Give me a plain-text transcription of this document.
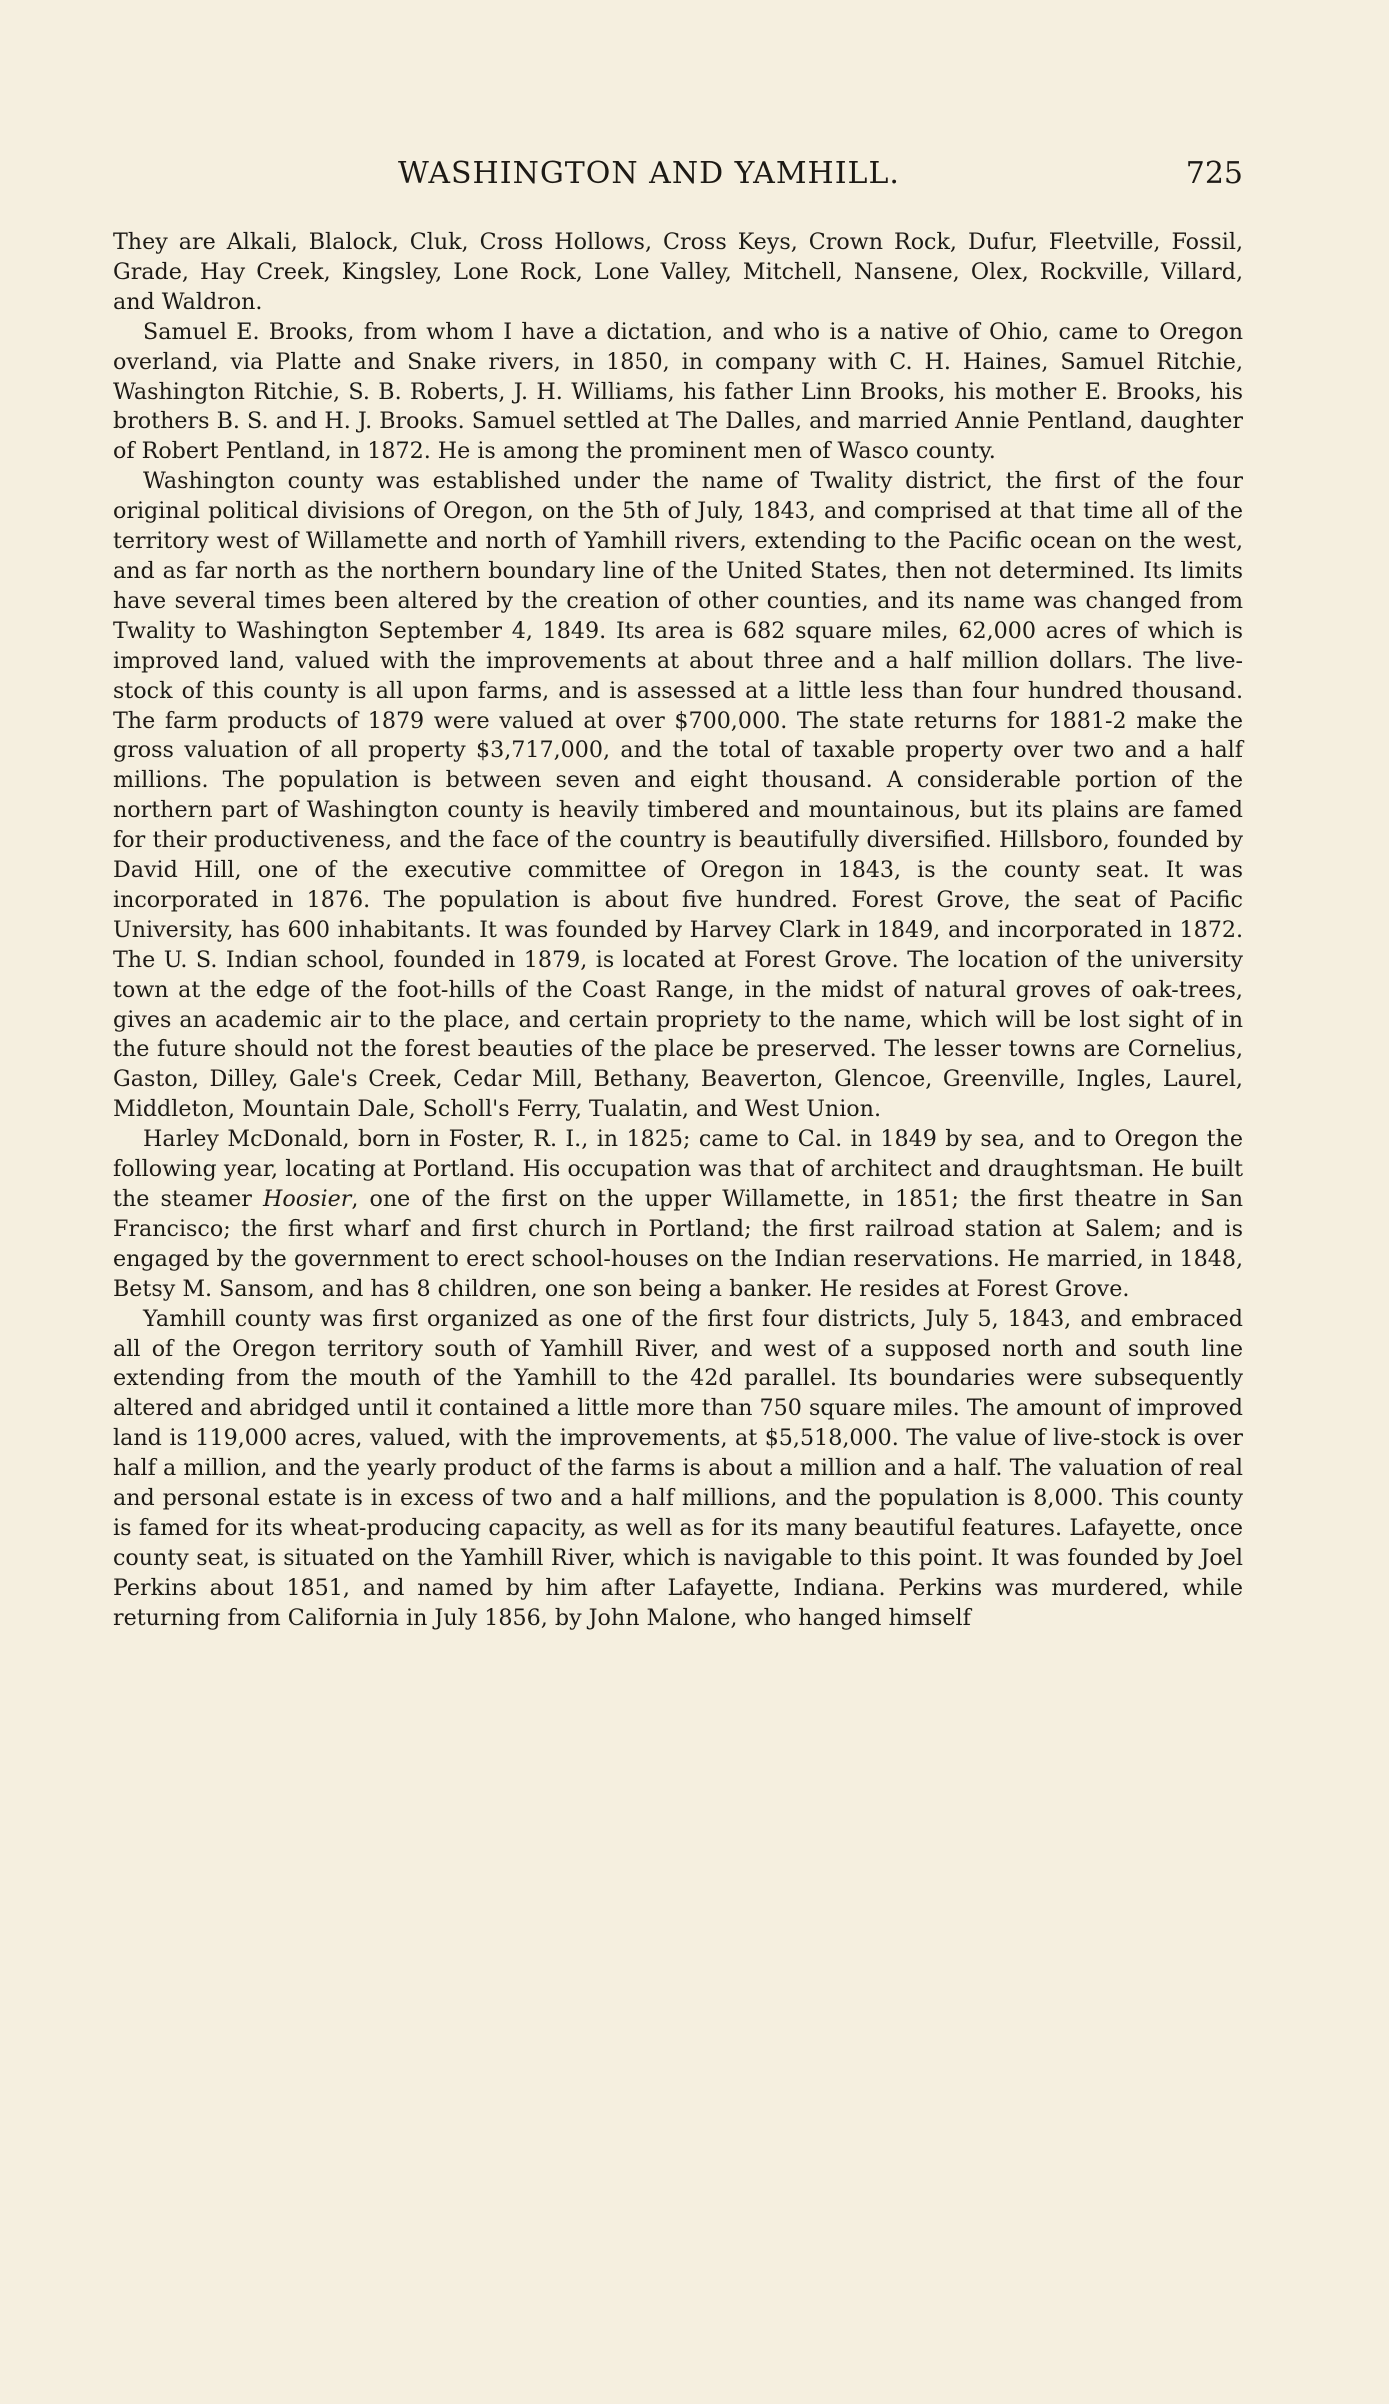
WASHINGTON AND YAMHILL.	725

They are Alkali, Blalock, Cluk, Cross Hollows, Cross Keys, Crown Rock, Dufur, Fleetville, Fossil, Grade, Hay Creek, Kingsley, Lone Rock, Lone Valley, Mitchell, Nansene, Olex, Rockville, Villard, and Waldron.

Samuel E. Brooks, from whom I have a dictation, and who is a native of Ohio, came to Oregon overland, via Platte and Snake rivers, in 1850, in company with C. H. Haines, Samuel Ritchie, Washington Ritchie, S. B. Roberts, J. H. Williams, his father Linn Brooks, his mother E. Brooks, his brothers B. S. and H. J. Brooks. Samuel settled at The Dalles, and married Annie Pentland, daughter of Robert Pentland, in 1872. He is among the prominent men of Wasco county.

Washington county was established under the name of Twality district, the first of the four original political divisions of Oregon, on the 5th of July, 1843, and comprised at that time all of the territory west of Willamette and north of Yamhill rivers, extending to the Pacific ocean on the west, and as far north as the northern boundary line of the United States, then not determined. Its limits have several times been altered by the creation of other counties, and its name was changed from Twality to Washington September 4, 1849. Its area is 682 square miles, 62,000 acres of which is improved land, valued with the improvements at about three and a half million dollars. The live-stock of this county is all upon farms, and is assessed at a little less than four hundred thousand. The farm products of 1879 were valued at over $700,000. The state returns for 1881-2 make the gross valuation of all property $3,717,000, and the total of taxable property over two and a half millions. The population is between seven and eight thousand. A considerable portion of the northern part of Washington county is heavily timbered and mountainous, but its plains are famed for their productiveness, and the face of the country is beautifully diversified. Hillsboro, founded by David Hill, one of the executive committee of Oregon in 1843, is the county seat. It was incorporated in 1876. The population is about five hundred. Forest Grove, the seat of Pacific University, has 600 inhabitants. It was founded by Harvey Clark in 1849, and incorporated in 1872. The U. S. Indian school, founded in 1879, is located at Forest Grove. The location of the university town at the edge of the foot-hills of the Coast Range, in the midst of natural groves of oak-trees, gives an academic air to the place, and certain propriety to the name, which will be lost sight of in the future should not the forest beauties of the place be preserved. The lesser towns are Cornelius, Gaston, Dilley, Gale's Creek, Cedar Mill, Bethany, Beaverton, Glencoe, Greenville, Ingles, Laurel, Middleton, Mountain Dale, Scholl's Ferry, Tualatin, and West Union.

Harley McDonald, born in Foster, R. I., in 1825; came to Cal. in 1849 by sea, and to Oregon the following year, locating at Portland. His occupation was that of architect and draughtsman. He built the steamer Hoosier, one of the first on the upper Willamette, in 1851; the first theatre in San Francisco; the first wharf and first church in Portland; the first railroad station at Salem; and is engaged by the government to erect school-houses on the Indian reservations. He married, in 1848, Betsy M. Sansom, and has 8 children, one son being a banker. He resides at Forest Grove.

Yamhill county was first organized as one of the first four districts, July 5, 1843, and embraced all of the Oregon territory south of Yamhill River, and west of a supposed north and south line extending from the mouth of the Yamhill to the 42d parallel. Its boundaries were subsequently altered and abridged until it contained a little more than 750 square miles. The amount of improved land is 119,000 acres, valued, with the improvements, at $5,518,000. The value of live-stock is over half a million, and the yearly product of the farms is about a million and a half. The valuation of real and personal estate is in excess of two and a half millions, and the population is 8,000. This county is famed for its wheat-producing capacity, as well as for its many beautiful features. Lafayette, once county seat, is situated on the Yamhill River, which is navigable to this point. It was founded by Joel Perkins about 1851, and named by him after Lafayette, Indiana. Perkins was murdered, while returning from California in July 1856, by John Malone, who hanged himself
